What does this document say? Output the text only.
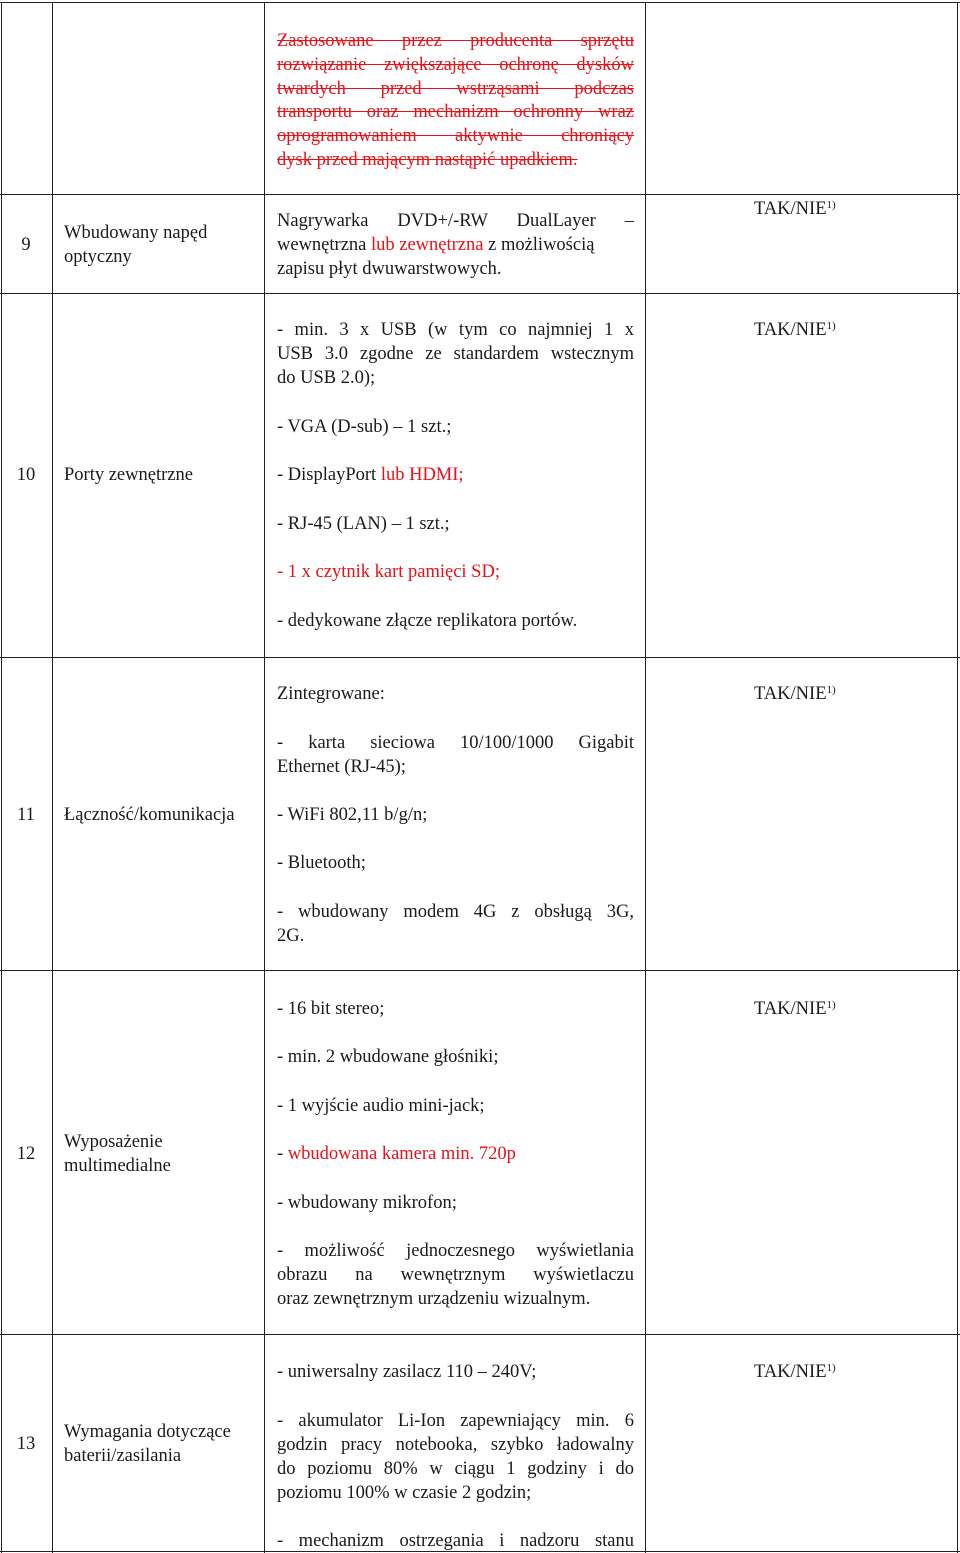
Zastosowane przez producenta sprzętu
rozwiązanie zwiększające ochronę dysków
twardych przed wstrząsami podczas
transportu oraz mechanizm ochronny wraz
oprogramowaniem aktywnie chroniący
dysk przed mającym nastąpić upadkiem.
9
Wbudowany napęd
optyczny
Nagrywarka DVD+/-RW DualLayer –
wewnętrzna lub zewnętrzna z możliwością
zapisu płyt dwuwarstwowych.
TAK/NIE$^{1)}$
10	Porty zewnętrzne
- min. 3 x USB (w tym co najmniej 1 x
USB 3.0 zgodne ze standardem wstecznym
do USB 2.0);
- VGA (D-sub) – 1 szt.;
- DisplayPort lub HDMI;
- RJ-45 (LAN) – 1 szt.;
- 1 x czytnik kart pamięci SD;
- dedykowane złącze replikatora portów.
TAK/NIE$^{1)}$
11	Łączność/komunikacja
Zintegrowane:
- karta sieciowa 10/100/1000 Gigabit
Ethernet (RJ-45);
- WiFi 802,11 b/g/n;
- Bluetooth;
- wbudowany modem 4G z obsługą 3G,
2G.
TAK/NIE$^{1)}$
12
Wyposażenie
multimedialne
- 16 bit stereo;
- min. 2 wbudowane głośniki;
- 1 wyjście audio mini-jack;
- wbudowana kamera min. 720p
- wbudowany mikrofon;
- możliwość jednoczesnego wyświetlania
obrazu na wewnętrznym wyświetlaczu
oraz zewnętrznym urządzeniu wizualnym.
TAK/NIE$^{1)}$
13
Wymagania dotyczące
baterii/zasilania
- uniwersalny zasilacz 110 – 240V;
- akumulator Li-Ion zapewniający min. 6
godzin pracy notebooka, szybko ładowalny
do poziomu 80% w ciągu 1 godziny i do
poziomu 100% w czasie 2 godzin;
- mechanizm ostrzegania i nadzoru stanu
TAK/NIE$^{1)}$
